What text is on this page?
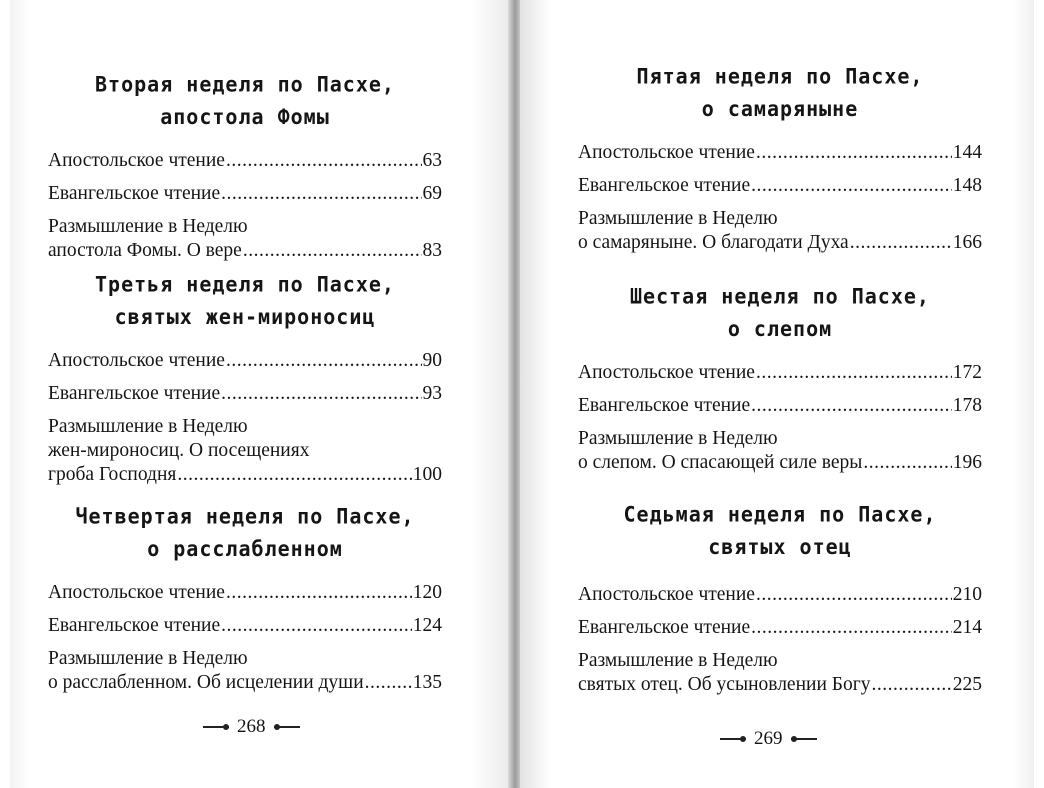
Вторая неделя по Пасхе,
апостола Фомы
Апостольское чтение .....	63
Евангельское чтение .....	69
Размышление в Неделю
апостола Фомы. О вере .....	83
Третья неделя по Пасхе,
святых жен-мироносиц
Апостольское чтение .....	90
Евангельское чтение .....	93
Размышление в Неделю
жен-мироносиц. О посещениях
гроба Господня .....	100
Четвертая неделя по Пасхе,
о расслабленном
Апостольское чтение .....	120
Евангельское чтение .....	124
Размышление в Неделю
о расслабленном. Об исцелении души .....	135
268
Пятая неделя по Пасхе,
о самаряныне
Апостольское чтение .....	144
Евангельское чтение .....	148
Размышление в Неделю
о самаряныне. О благодати Духа .....	166
Шестая неделя по Пасхе,
о слепом
Апостольское чтение .....	172
Евангельское чтение .....	178
Размышление в Неделю
о слепом. О спасающей силе веры .....	196
Седьмая неделя по Пасхе,
святых отец
Апостольское чтение .....	210
Евангельское чтение .....	214
Размышление в Неделю
святых отец. Об усыновлении Богу .....	225
269
